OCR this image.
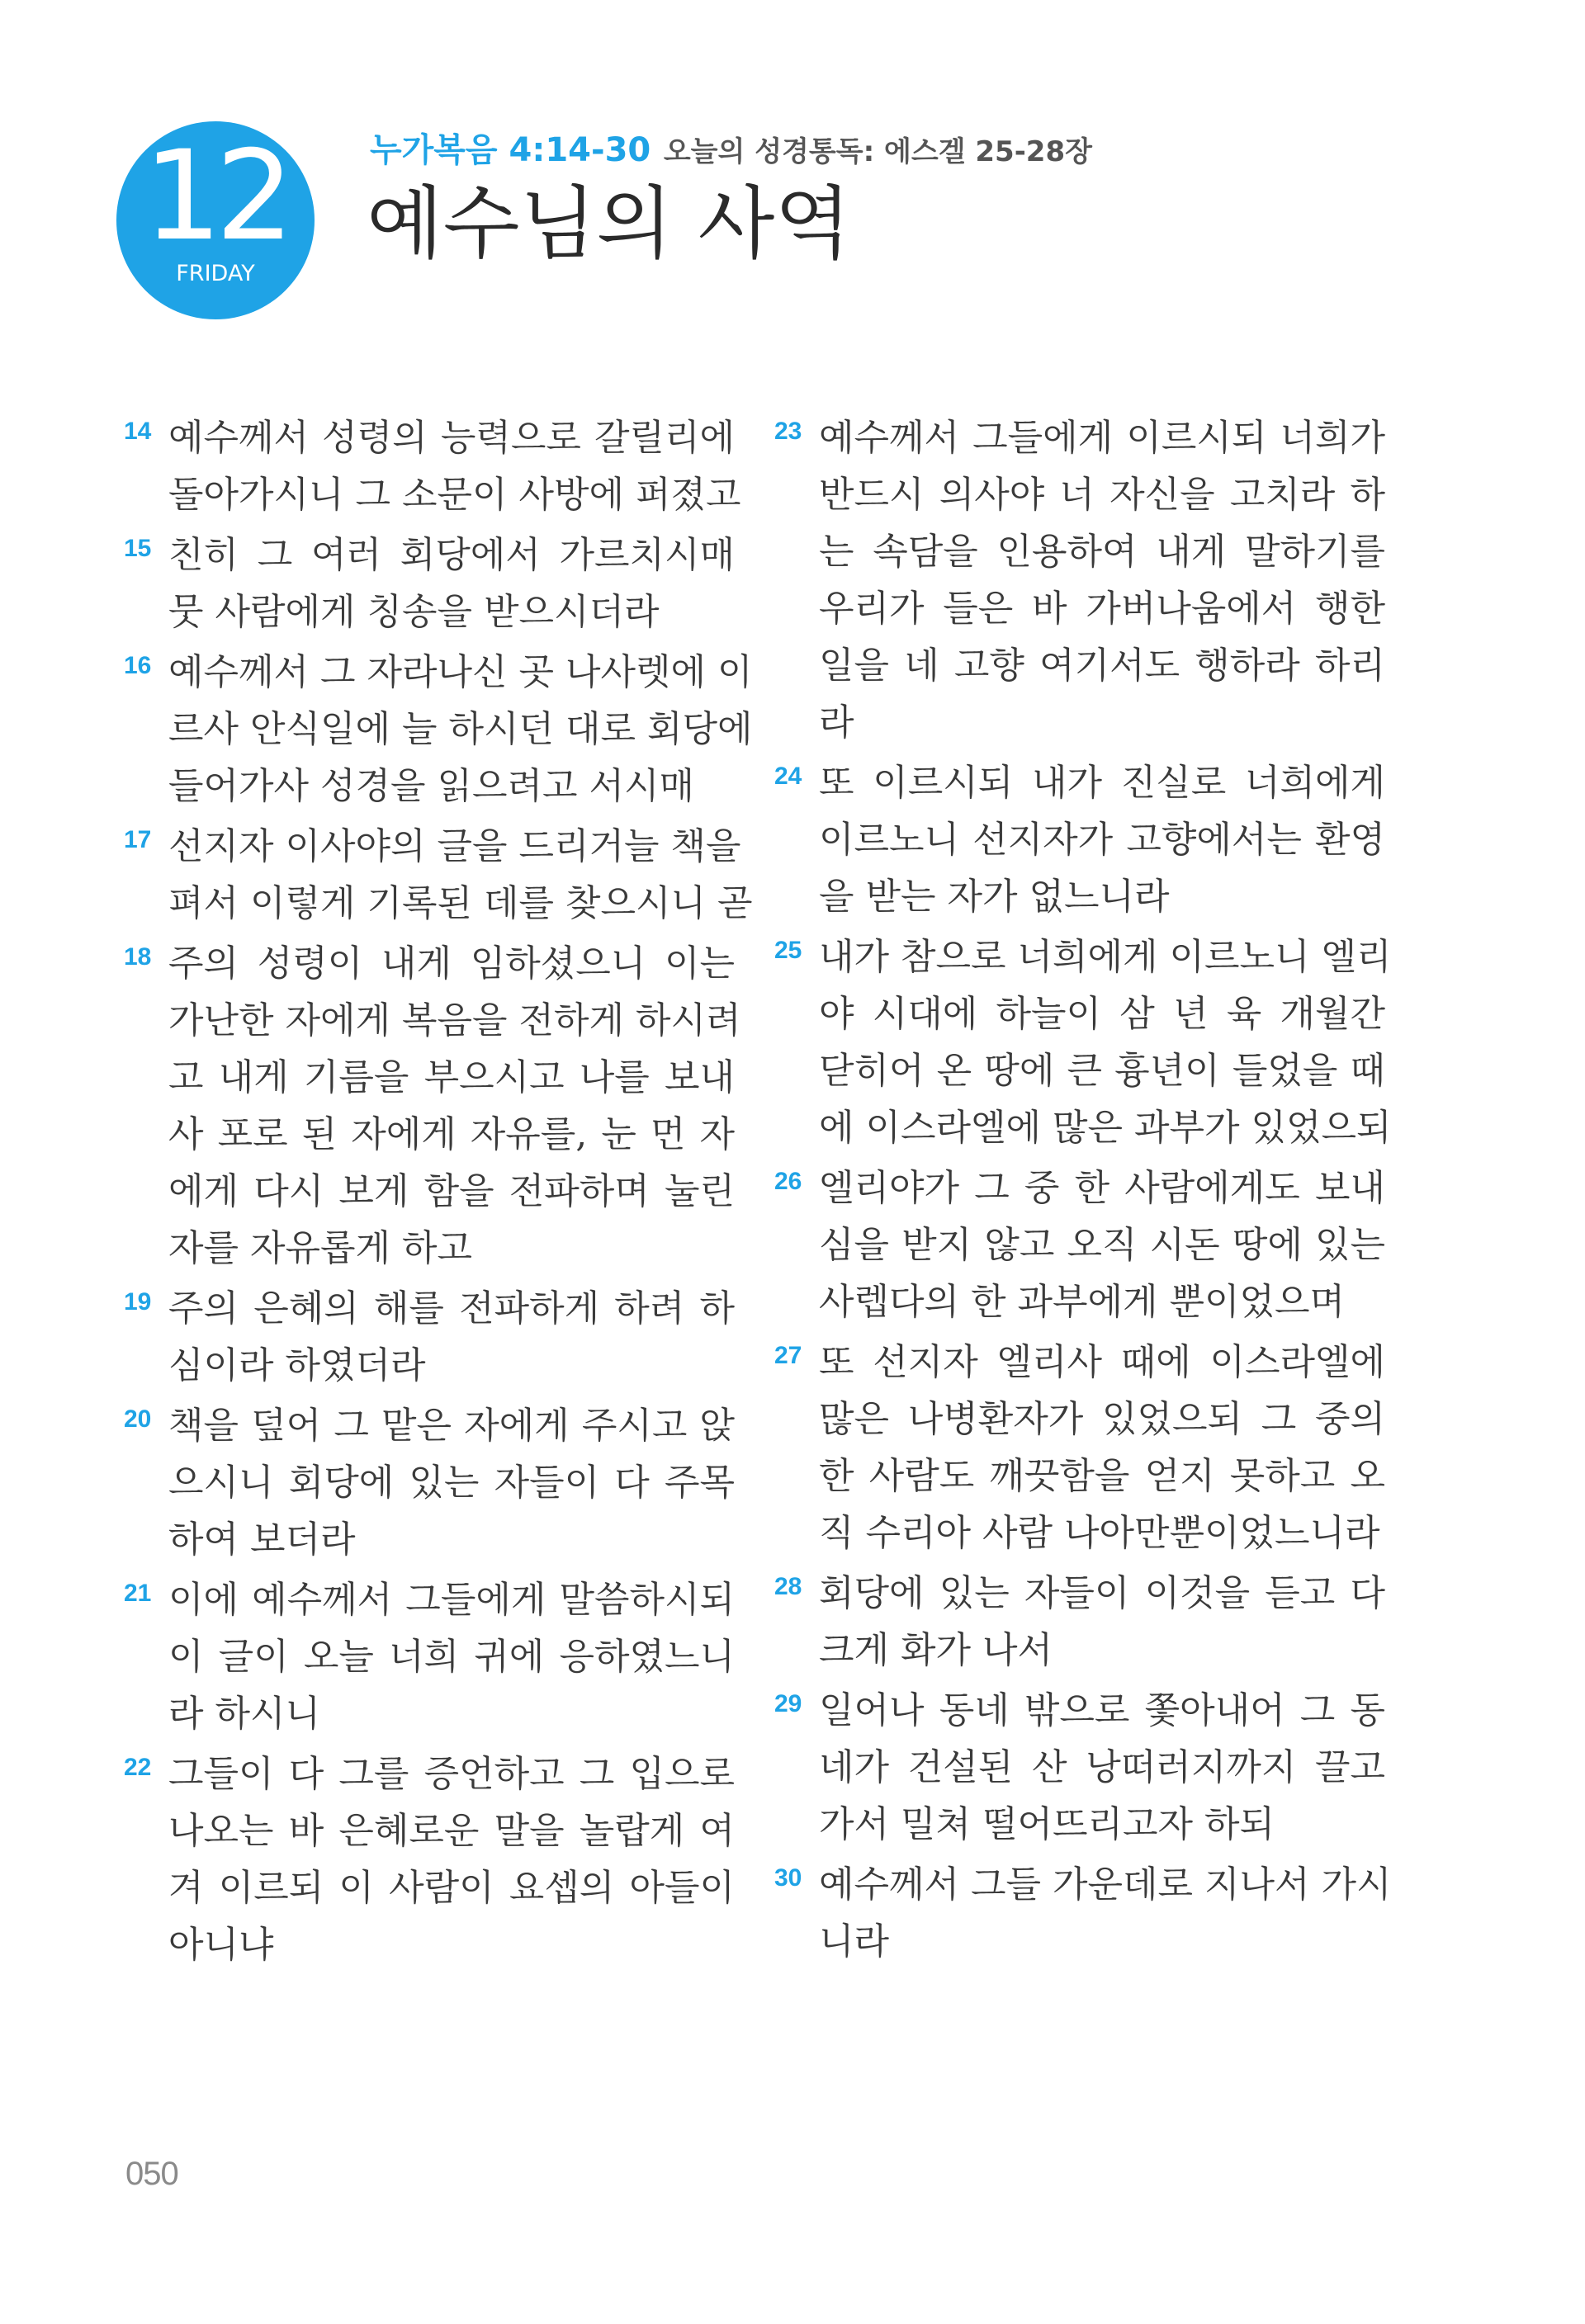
12
FRIDAY
누가복음 4:14-30 오늘의 성경통독: 에스겔 25-28장
예수님의 사역
14 예수께서 성령의 능력으로 갈릴리에
돌아가시니 그 소문이 사방에 퍼졌고
15 친히 그 여러 회당에서 가르치시매
뭇 사람에게 칭송을 받으시더라
16 예수께서 그 자라나신 곳 나사렛에 이
르사 안식일에 늘 하시던 대로 회당에
들어가사 성경을 읽으려고 서시매
17 선지자 이사야의 글을 드리거늘 책을
펴서 이렇게 기록된 데를 찾으시니 곧
18 주의 성령이 내게 임하셨으니 이는
가난한 자에게 복음을 전하게 하시려
고 내게 기름을 부으시고 나를 보내
사 포로 된 자에게 자유를, 눈 먼 자
에게 다시 보게 함을 전파하며 눌린
자를 자유롭게 하고
19 주의 은혜의 해를 전파하게 하려 하
심이라 하였더라
20 책을 덮어 그 맡은 자에게 주시고 앉
으시니 회당에 있는 자들이 다 주목
하여 보더라
21 이에 예수께서 그들에게 말씀하시되
이 글이 오늘 너희 귀에 응하였느니
라 하시니
22 그들이 다 그를 증언하고 그 입으로
나오는 바 은혜로운 말을 놀랍게 여
겨 이르되 이 사람이 요셉의 아들이
아니냐
23 예수께서 그들에게 이르시되 너희가
반드시 의사야 너 자신을 고치라 하
는 속담을 인용하여 내게 말하기를
우리가 들은 바 가버나움에서 행한
일을 네 고향 여기서도 행하라 하리
라
24 또 이르시되 내가 진실로 너희에게
이르노니 선지자가 고향에서는 환영
을 받는 자가 없느니라
25 내가 참으로 너희에게 이르노니 엘리
야 시대에 하늘이 삼 년 육 개월간
닫히어 온 땅에 큰 흉년이 들었을 때
에 이스라엘에 많은 과부가 있었으되
26 엘리야가 그 중 한 사람에게도 보내
심을 받지 않고 오직 시돈 땅에 있는
사렙다의 한 과부에게 뿐이었으며
27 또 선지자 엘리사 때에 이스라엘에
많은 나병환자가 있었으되 그 중의
한 사람도 깨끗함을 얻지 못하고 오
직 수리아 사람 나아만뿐이었느니라
28 회당에 있는 자들이 이것을 듣고 다
크게 화가 나서
29 일어나 동네 밖으로 쫓아내어 그 동
네가 건설된 산 낭떠러지까지 끌고
가서 밀쳐 떨어뜨리고자 하되
30 예수께서 그들 가운데로 지나서 가시
니라
050
